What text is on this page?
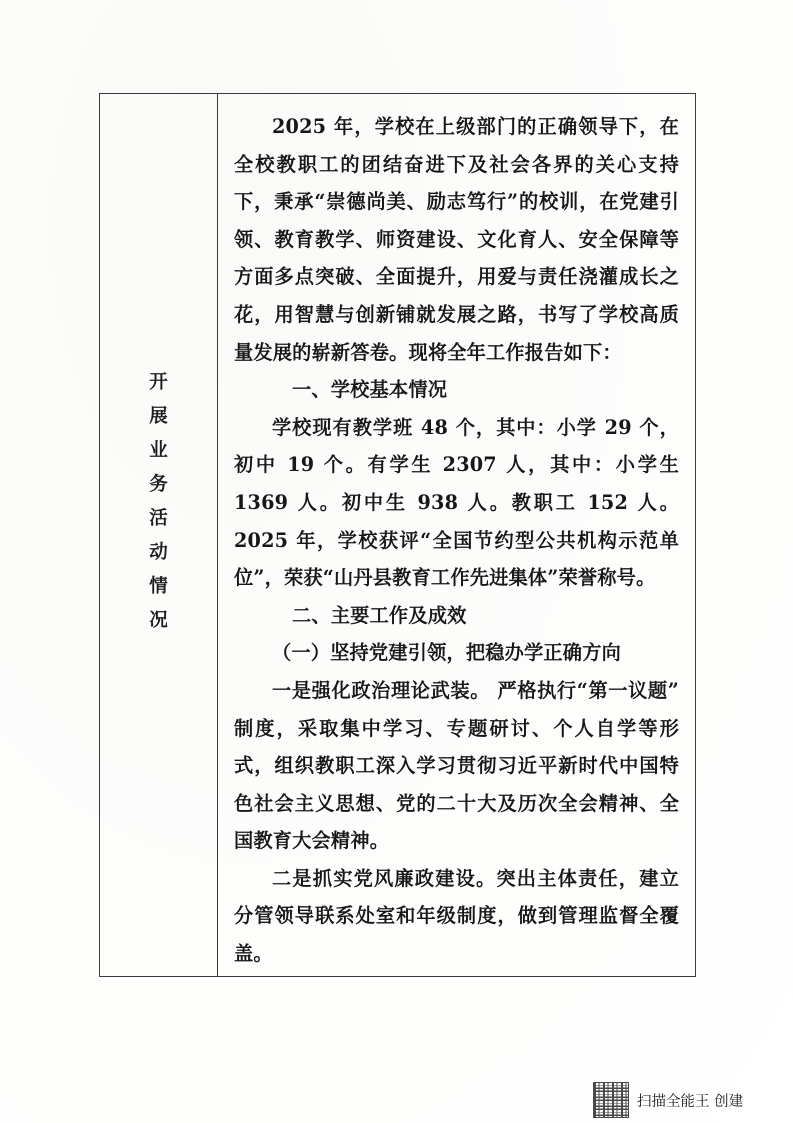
开
展
业
务
活
动
情
况

2025 年，学校在上级部门的正确领导下，在全校教职工的团结奋进下及社会各界的关心支持下，秉承“崇德尚美、励志笃行”的校训，在党建引领、教育教学、师资建设、文化育人、安全保障等方面多点突破、全面提升，用爱与责任浇灌成长之花，用智慧与创新铺就发展之路，书写了学校高质量发展的崭新答卷。现将全年工作报告如下：

一、学校基本情况

学校现有教学班 48 个，其中：小学 29 个，初中 19 个。有学生 2307 人，其中：小学生 1369 人。初中生 938 人。教职工 152 人。2025 年，学校获评“全国节约型公共机构示范单位”，荣获“山丹县教育工作先进集体”荣誉称号。

二、主要工作及成效

（一）坚持党建引领，把稳办学正确方向

一是强化政治理论武装。 严格执行“第一议题”制度，采取集中学习、专题研讨、个人自学等形式，组织教职工深入学习贯彻习近平新时代中国特色社会主义思想、党的二十大及历次全会精神、全国教育大会精神。

二是抓实党风廉政建设。突出主体责任，建立分管领导联系处室和年级制度，做到管理监督全覆盖。

扫描全能王 创建
